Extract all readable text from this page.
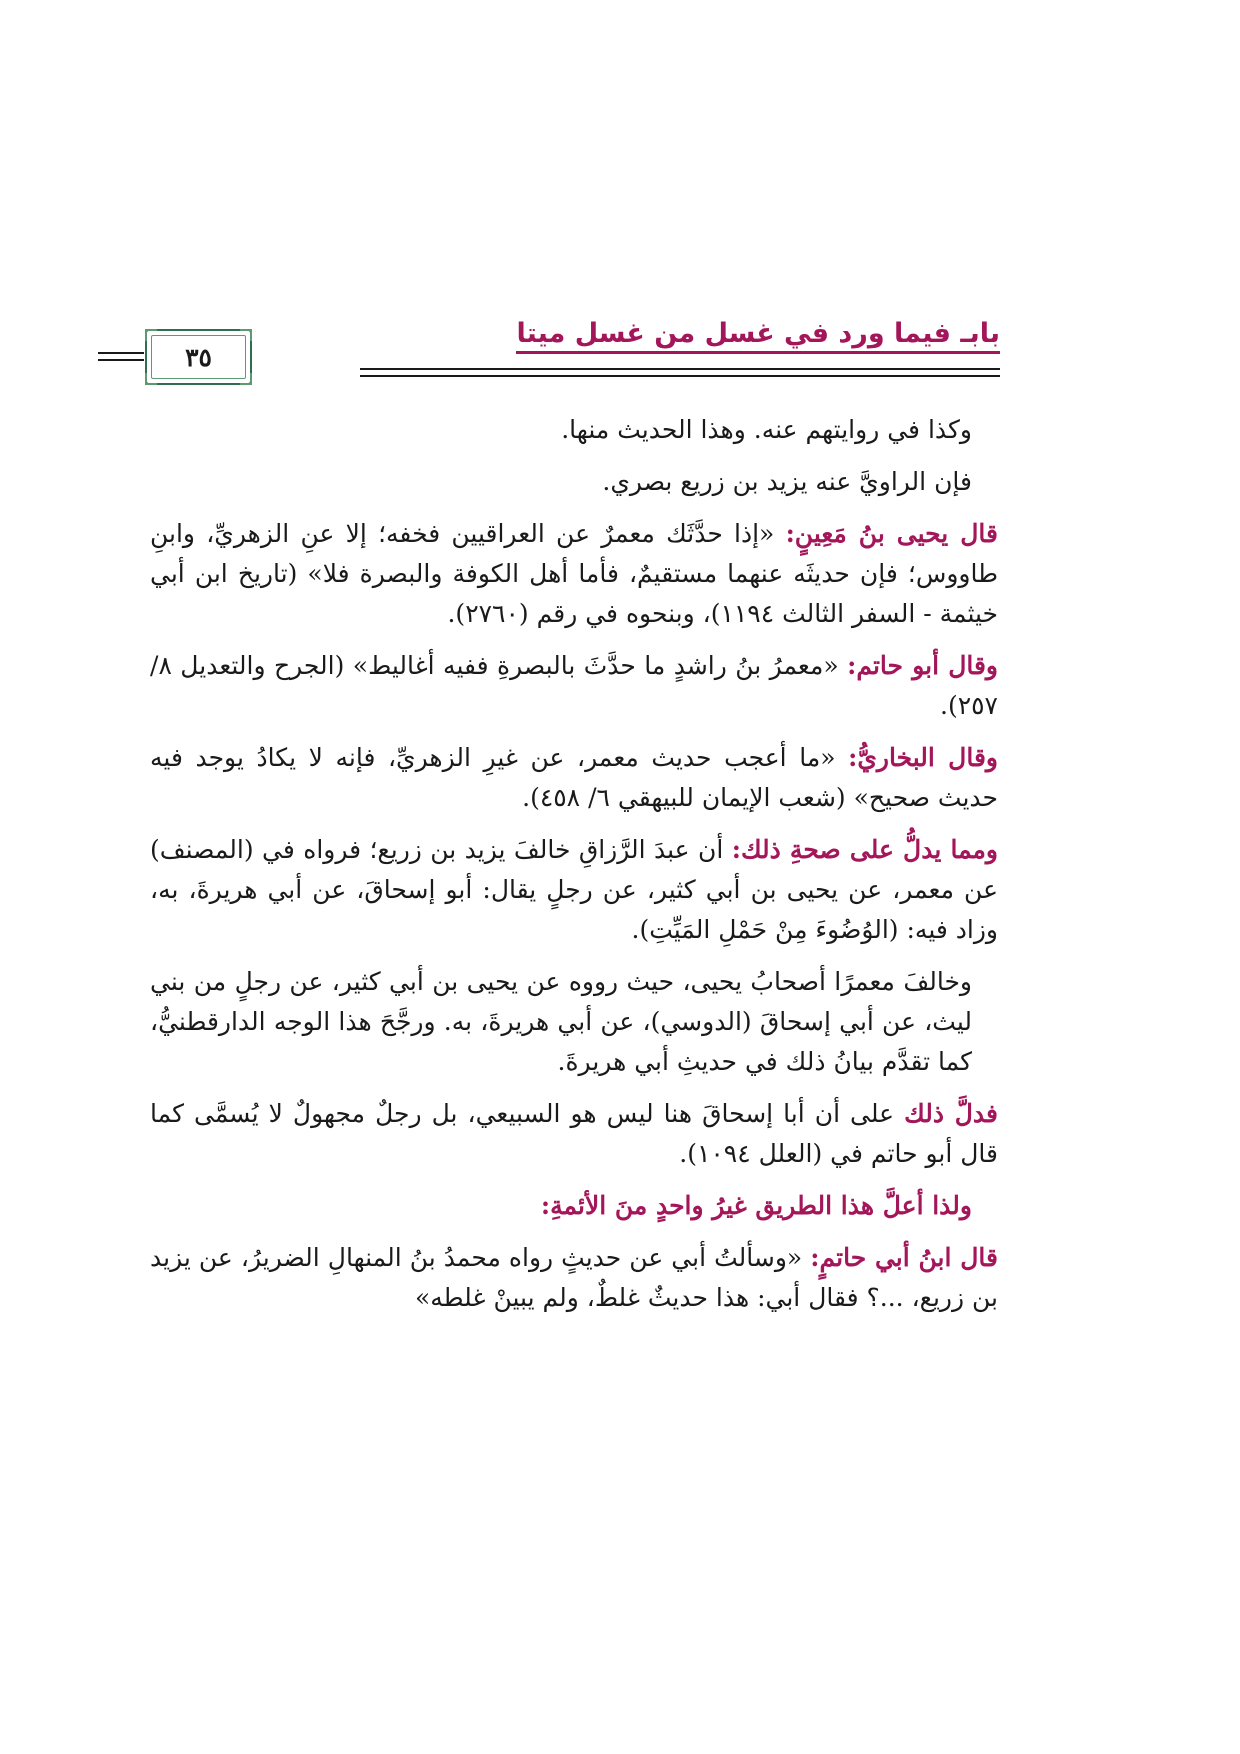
بابـ فيما ورد في غسل من غسل ميتا
٣٥

وكذا في روايتهم عنه. وهذا الحديث منها.

فإن الراويَّ عنه يزيد بن زريع بصري.

قال يحيى بنُ مَعِينٍ: «إذا حدَّثَك معمرٌ عن العراقيين فخفه؛ إلا عنِ الزهريِّ، وابنِ طاووس؛ فإن حديثَه عنهما مستقيمٌ، فأما أهل الكوفة والبصرة فلا» (تاريخ ابن أبي خيثمة - السفر الثالث ١١٩٤)، وبنحوه في رقم (٢٧٦٠).

وقال أبو حاتم: «معمرُ بنُ راشدٍ ما حدَّثَ بالبصرةِ ففيه أغاليط» (الجرح والتعديل ٨/ ٢٥٧).

وقال البخاريُّ: «ما أعجب حديث معمر، عن غيرِ الزهريِّ، فإنه لا يكادُ يوجد فيه حديث صحيح» (شعب الإيمان للبيهقي ٦/ ٤٥٨).

ومما يدلُّ على صحةِ ذلك: أن عبدَ الرَّزاقِ خالفَ يزيد بن زريع؛ فرواه في (المصنف) عن معمر، عن يحيى بن أبي كثير، عن رجلٍ يقال: أبو إسحاقَ، عن أبي هريرةَ، به، وزاد فيه: (الوُضُوءَ مِنْ حَمْلِ المَيِّتِ).

وخالفَ معمرًا أصحابُ يحيى، حيث رووه عن يحيى بن أبي كثير، عن رجلٍ من بني ليث، عن أبي إسحاقَ (الدوسي)، عن أبي هريرةَ، به. ورجَّحَ هذا الوجه الدارقطنيُّ، كما تقدَّم بيانُ ذلك في حديثِ أبي هريرةَ.

فدلَّ ذلك على أن أبا إسحاقَ هنا ليس هو السبيعي، بل رجلٌ مجهولٌ لا يُسمَّى كما قال أبو حاتم في (العلل ١٠٩٤).

ولذا أعلَّ هذا الطريق غيرُ واحدٍ منَ الأئمةِ:

قال ابنُ أبي حاتمٍ: «وسألتُ أبي عن حديثٍ رواه محمدُ بنُ المنهالِ الضريرُ، عن يزيد بن زريع، ...؟ فقال أبي: هذا حديثٌ غلطٌ، ولم يبينْ غلطه»
